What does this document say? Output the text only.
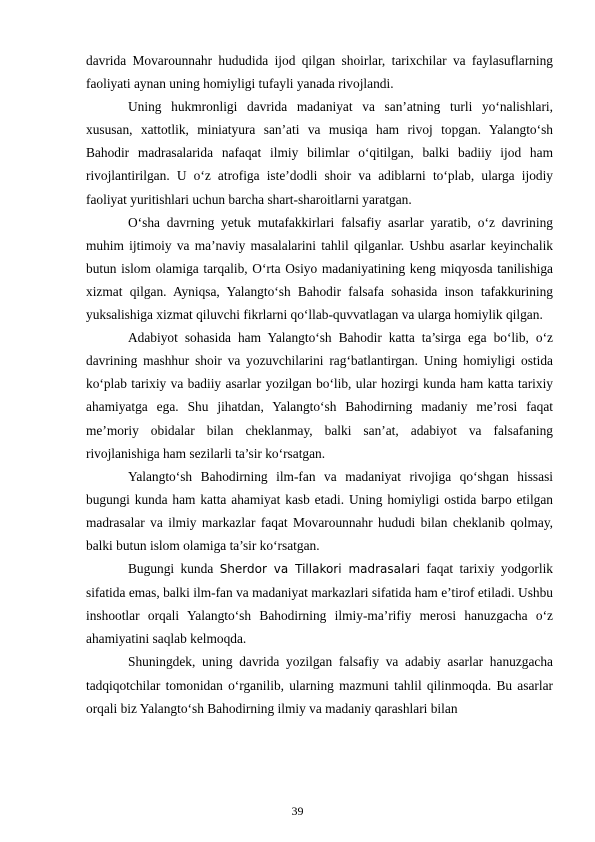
davrida Movarounnahr hududida ijod qilgan shoirlar, tarixchilar va faylasuflarning faoliyati aynan uning homiyligi tufayli yanada rivojlandi.

Uning hukmronligi davrida madaniyat va san’atning turli yo‘nalishlari, xususan, xattotlik, miniatyura san’ati va musiqa ham rivoj topgan. Yalangto‘sh Bahodir madrasalarida nafaqat ilmiy bilimlar o‘qitilgan, balki badiiy ijod ham rivojlantirilgan. U o‘z atrofiga iste’dodli shoir va adiblarni to‘plab, ularga ijodiy faoliyat yuritishlari uchun barcha shart-sharoitlarni yaratgan.

O‘sha davrning yetuk mutafakkirlari falsafiy asarlar yaratib, o‘z davrining muhim ijtimoiy va ma’naviy masalalarini tahlil qilganlar. Ushbu asarlar keyinchalik butun islom olamiga tarqalib, O‘rta Osiyo madaniyatining keng miqyosda tanilishiga xizmat qilgan. Ayniqsa, Yalangto‘sh Bahodir falsafa sohasida inson tafakkurining yuksalishiga xizmat qiluvchi fikrlarni qo‘llab-quvvatlagan va ularga homiylik qilgan.

Adabiyot sohasida ham Yalangto‘sh Bahodir katta ta’sirga ega bo‘lib, o‘z davrining mashhur shoir va yozuvchilarini rag‘batlantirgan. Uning homiyligi ostida ko‘plab tarixiy va badiiy asarlar yozilgan bo‘lib, ular hozirgi kunda ham katta tarixiy ahamiyatga ega. Shu jihatdan, Yalangto‘sh Bahodirning madaniy me’rosi faqat me’moriy obidalar bilan cheklanmay, balki san’at, adabiyot va falsafaning rivojlanishiga ham sezilarli ta’sir ko‘rsatgan.

Yalangto‘sh Bahodirning ilm-fan va madaniyat rivojiga qo‘shgan hissasi bugungi kunda ham katta ahamiyat kasb etadi. Uning homiyligi ostida barpo etilgan madrasalar va ilmiy markazlar faqat Movarounnahr hududi bilan cheklanib qolmay, balki butun islom olamiga ta’sir ko‘rsatgan.

Bugungi kunda Sherdor va Tillakori madrasalari faqat tarixiy yodgorlik sifatida emas, balki ilm-fan va madaniyat markazlari sifatida ham e’tirof etiladi. Ushbu inshootlar orqali Yalangto‘sh Bahodirning ilmiy-ma’rifiy merosi hanuzgacha o‘z ahamiyatini saqlab kelmoqda.

Shuningdek, uning davrida yozilgan falsafiy va adabiy asarlar hanuzgacha tadqiqotchilar tomonidan o‘rganilib, ularning mazmuni tahlil qilinmoqda. Bu asarlar orqali biz Yalangto‘sh Bahodirning ilmiy va madaniy qarashlari bilan

39
